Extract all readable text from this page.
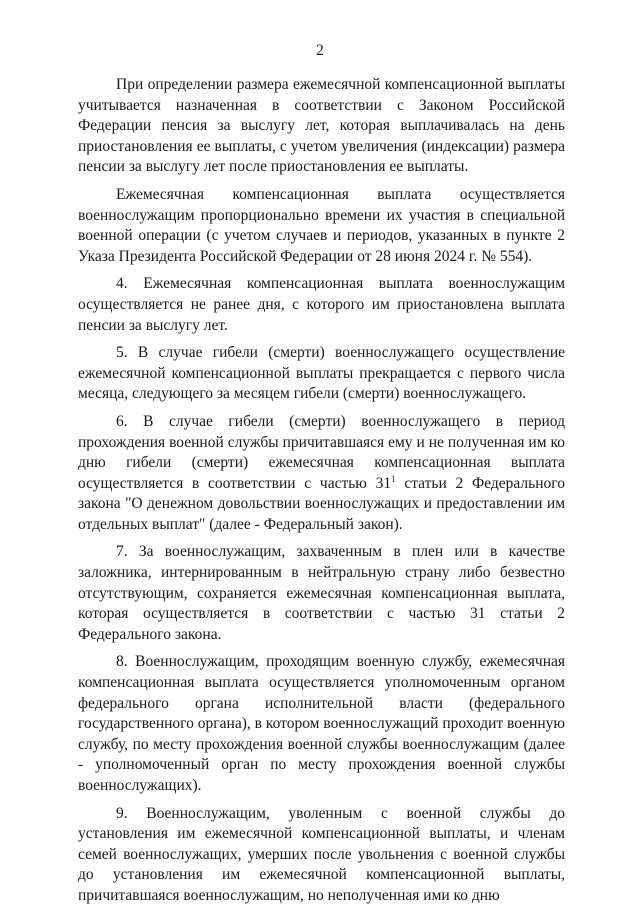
2

При определении размера ежемесячной компенсационной выплаты учитывается назначенная в соответствии с Законом Российской Федерации пенсия за выслугу лет, которая выплачивалась на день приостановления ее выплаты, с учетом увеличения (индексации) размера пенсии за выслугу лет после приостановления ее выплаты.

Ежемесячная компенсационная выплата осуществляется военнослужащим пропорционально времени их участия в специальной военной операции (с учетом случаев и периодов, указанных в пункте 2 Указа Президента Российской Федерации от 28 июня 2024 г. № 554).

4. Ежемесячная компенсационная выплата военнослужащим осуществляется не ранее дня, с которого им приостановлена выплата пенсии за выслугу лет.

5. В случае гибели (смерти) военнослужащего осуществление ежемесячной компенсационной выплаты прекращается с первого числа месяца, следующего за месяцем гибели (смерти) военнослужащего.

6. В случае гибели (смерти) военнослужащего в период прохождения военной службы причитавшаяся ему и не полученная им ко дню гибели (смерти) ежемесячная компенсационная выплата осуществляется в соответствии с частью $31^1$ статьи 2 Федерального закона "О денежном довольствии военнослужащих и предоставлении им отдельных выплат" (далее - Федеральный закон).

7. За военнослужащим, захваченным в плен или в качестве заложника, интернированным в нейтральную страну либо безвестно отсутствующим, сохраняется ежемесячная компенсационная выплата, которая осуществляется в соответствии с частью 31 статьи 2 Федерального закона.

8. Военнослужащим, проходящим военную службу, ежемесячная компенсационная выплата осуществляется уполномоченным органом федерального органа исполнительной власти (федерального государственного органа), в котором военнослужащий проходит военную службу, по месту прохождения военной службы военнослужащим (далее - уполномоченный орган по месту прохождения военной службы военнослужащих).

9. Военнослужащим, уволенным с военной службы до установления им ежемесячной компенсационной выплаты, и членам семей военнослужащих, умерших после увольнения с военной службы до установления им ежемесячной компенсационной выплаты, причитавшаяся военнослужащим, но неполученная ими ко дню
